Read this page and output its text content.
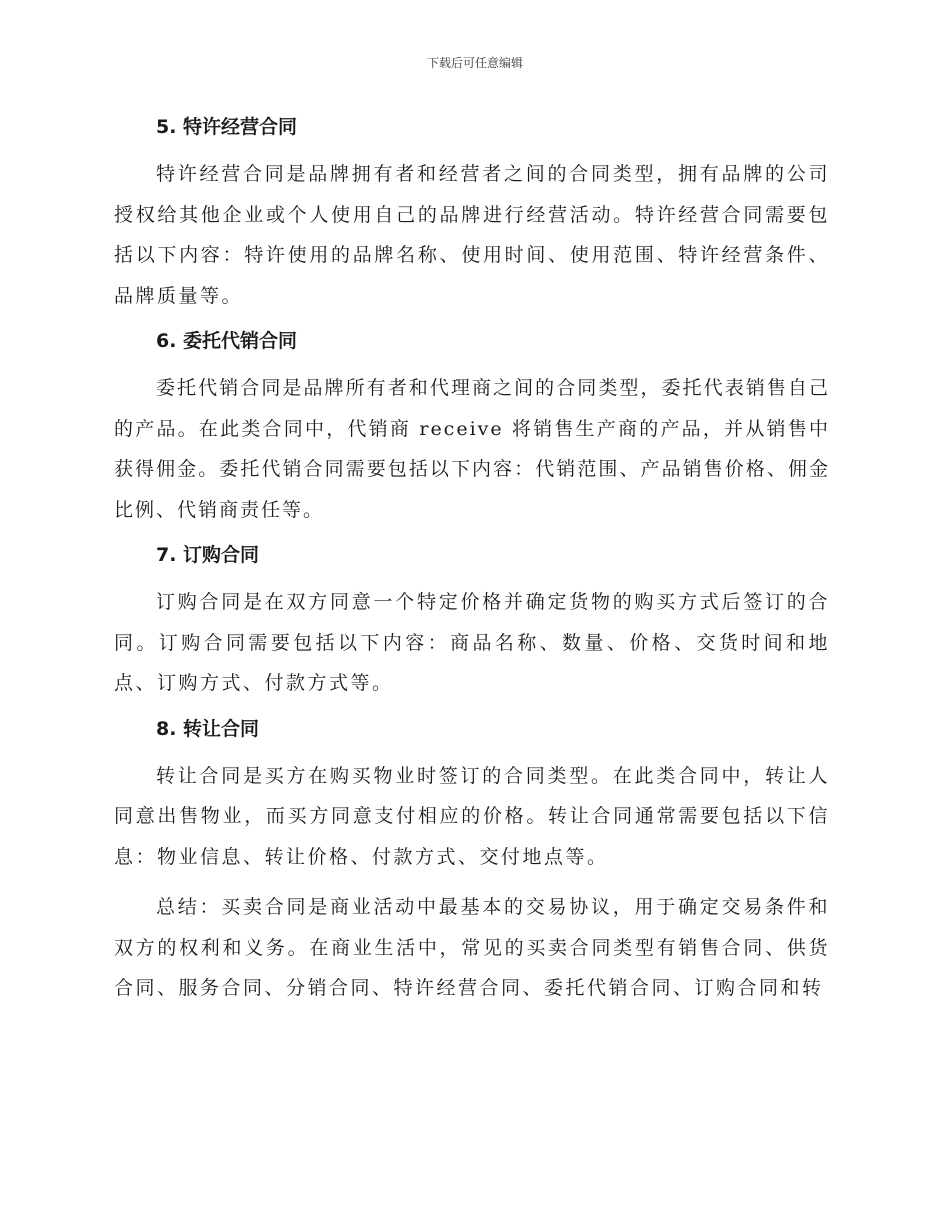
下载后可任意编辑
5. 特许经营合同

特许经营合同是品牌拥有者和经营者之间的合同类型，拥有品牌的公司授权给其他企业或个人使用自己的品牌进行经营活动。特许经营合同需要包括以下内容：特许使用的品牌名称、使用时间、使用范围、特许经营条件、品牌质量等。

6. 委托代销合同

委托代销合同是品牌所有者和代理商之间的合同类型，委托代表销售自己的产品。在此类合同中，代销商 receive 将销售生产商的产品，并从销售中获得佣金。委托代销合同需要包括以下内容：代销范围、产品销售价格、佣金比例、代销商责任等。

7. 订购合同

订购合同是在双方同意一个特定价格并确定货物的购买方式后签订的合同。订购合同需要包括以下内容：商品名称、数量、价格、交货时间和地点、订购方式、付款方式等。

8. 转让合同

转让合同是买方在购买物业时签订的合同类型。在此类合同中，转让人同意出售物业，而买方同意支付相应的价格。转让合同通常需要包括以下信息：物业信息、转让价格、付款方式、交付地点等。

总结：买卖合同是商业活动中最基本的交易协议，用于确定交易条件和双方的权利和义务。在商业生活中，常见的买卖合同类型有销售合同、供货合同、服务合同、分销合同、特许经营合同、委托代销合同、订购合同和转
